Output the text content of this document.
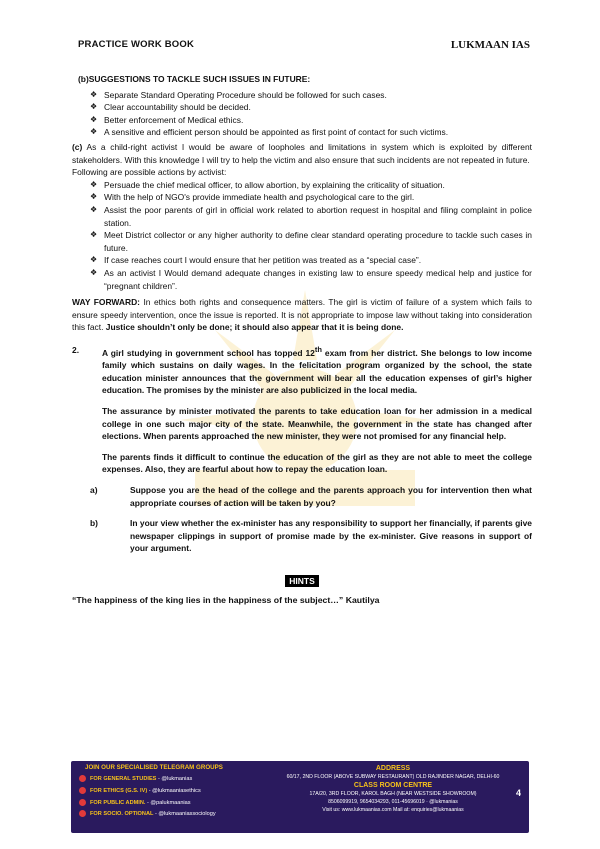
PRACTICE WORK BOOK	LUKMAAN IAS
(b)SUGGESTIONS TO TACKLE SUCH ISSUES IN FUTURE:
❖ Separate Standard Operating Procedure should be followed for such cases.
❖ Clear accountability should be decided.
❖ Better enforcement of Medical ethics.
❖ A sensitive and efficient person should be appointed as first point of contact for such victims.

(c) As a child-right activist I would be aware of loopholes and limitations in system which is exploited by different stakeholders. With this knowledge I will try to help the victim and also ensure that such incidents are not repeated in future.

Following are possible actions by activist:

❖ Persuade the chief medical officer, to allow abortion, by explaining the criticality of situation.
❖ With the help of NGO's provide immediate health and psychological care to the girl.
❖ Assist the poor parents of girl in official work related to abortion request in hospital and filing complaint in police station.
❖ Meet District collector or any higher authority to define clear standard operating procedure to tackle such cases in future.
❖ If case reaches court I would ensure that her petition was treated as a “special case”.
❖ As an activist I Would demand adequate changes in existing law to ensure speedy medical help and justice for “pregnant children”.

WAY FORWARD: In ethics both rights and consequence matters. The girl is victim of failure of a system which fails to ensure speedy intervention, once the issue is reported. It is not appropriate to impose law without taking into consideration this fact. Justice shouldn’t only be done; it should also appear that it is being done.

2.	A girl studying in government school has topped 12th exam from her district. She belongs to low income family which sustains on daily wages. In the felicitation program organized by the school, the state education minister announces that the government will bear all the education expenses of girl’s higher education. The promises by the minister are also publicized in the local media.

The assurance by minister motivated the parents to take education loan for her admission in a medical college in one such major city of the state. Meanwhile, the government in the state has changed after elections. When parents approached the new minister, they were not promised for any financial help.

The parents finds it difficult to continue the education of the girl as they are not able to meet the college expenses. Also, they are fearful about how to repay the education loan.

a)	Suppose you are the head of the college and the parents approach you for intervention then what appropriate courses of action will be taken by you?
b)	In your view whether the ex-minister has any responsibility to support her financially, if parents give newspaper clippings in support of promise made by the ex-minister. Give reasons in support of your argument.
HINTS
“The happiness of the king lies in the happiness of the subject…” Kautilya
JOIN OUR SPECIALISED TELEGRAM GROUPS
FOR GENERAL STUDIES - @lukmanias
FOR ETHICS (G.S. IV) - @lukmaaniasethics
FOR PUBLIC ADMIN. - @palukmaanias
FOR SOCIO. OPTIONAL - @lukmaaniassociology
ADDRESS
60/17, 2ND FLOOR (ABOVE SUBWAY RESTAURANT) OLD RAJINDER NAGAR, DELHI-60
CLASS ROOM CENTRE
17A/20, 3RD FLOOR, KAROL BAGH (NEAR WESTSIDE SHOWROOM)
8506099919, 9654034293, 011-45696019 · @lukmanias
Visit us: www.lukmaanias.com Mail at: enquiries@lukmaanias
4
